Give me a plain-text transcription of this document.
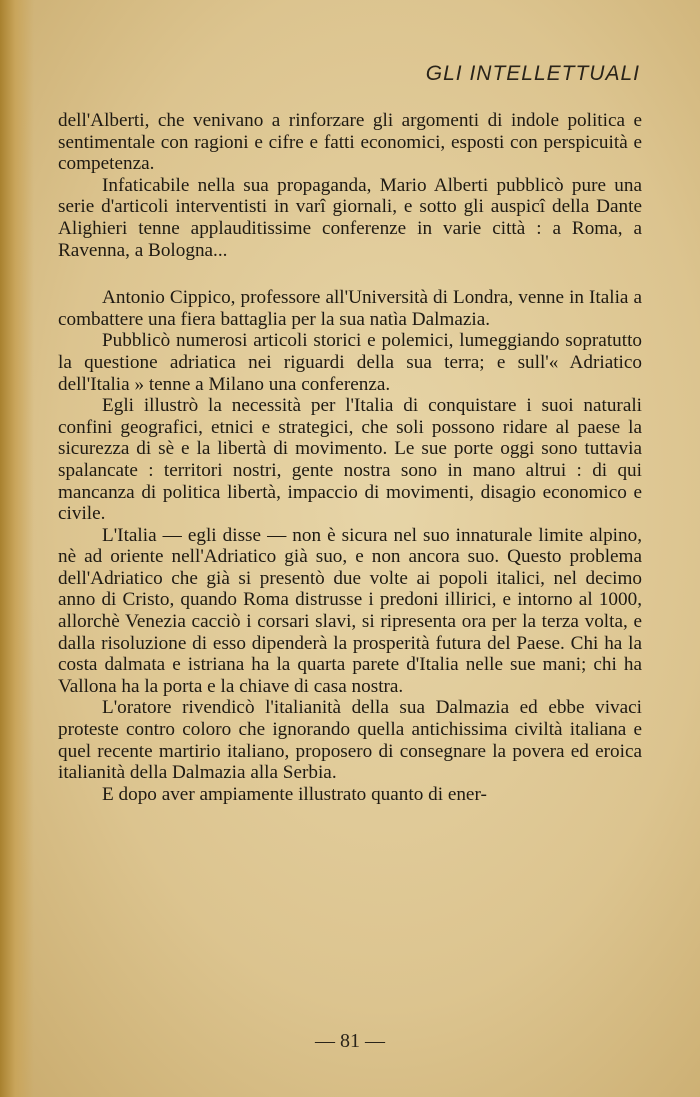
GLI INTELLETTUALI

dell'Alberti, che venivano a rinforzare gli argomenti di indole politica e sentimentale con ragioni e cifre e fatti economici, esposti con perspicuità e competenza.

Infaticabile nella sua propaganda, Mario Alberti pubblicò pure una serie d'articoli interventisti in varî giornali, e sotto gli auspicî della Dante Alighieri tenne applauditissime conferenze in varie città : a Roma, a Ravenna, a Bologna...

Antonio Cippico, professore all'Università di Londra, venne in Italia a combattere una fiera battaglia per la sua natìa Dalmazia.

Pubblicò numerosi articoli storici e polemici, lumeggiando sopratutto la questione adriatica nei riguardi della sua terra; e sull'« Adriatico dell'Italia » tenne a Milano una conferenza.

Egli illustrò la necessità per l'Italia di conquistare i suoi naturali confini geografici, etnici e strategici, che soli possono ridare al paese la sicurezza di sè e la libertà di movimento. Le sue porte oggi sono tuttavia spalancate : territori nostri, gente nostra sono in mano altrui : di qui mancanza di politica libertà, impaccio di movimenti, disagio economico e civile.

L'Italia — egli disse — non è sicura nel suo innaturale limite alpino, nè ad oriente nell'Adriatico già suo, e non ancora suo. Questo problema dell'Adriatico che già si presentò due volte ai popoli italici, nel decimo anno di Cristo, quando Roma distrusse i predoni illirici, e intorno al 1000, allorchè Venezia cacciò i corsari slavi, si ripresenta ora per la terza volta, e dalla risoluzione di esso dipenderà la prosperità futura del Paese. Chi ha la costa dalmata e istriana ha la quarta parete d'Italia nelle sue mani; chi ha Vallona ha la porta e la chiave di casa nostra.

L'oratore rivendicò l'italianità della sua Dalmazia ed ebbe vivaci proteste contro coloro che ignorando quella antichissima civiltà italiana e quel recente martirio italiano, proposero di consegnare la povera ed eroica italianità della Dalmazia alla Serbia.

E dopo aver ampiamente illustrato quanto di ener-

— 81 —
